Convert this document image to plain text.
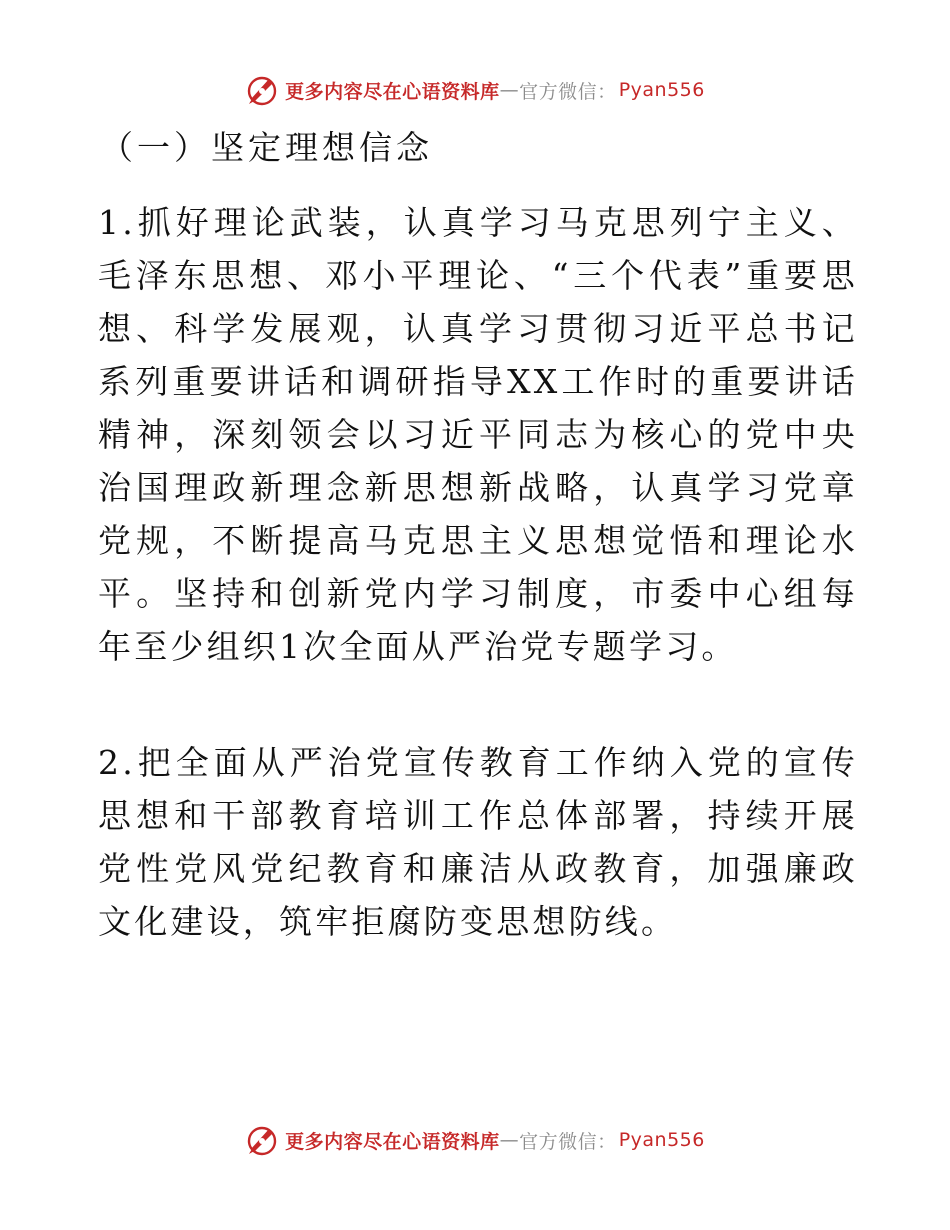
更多内容尽在心语资料库 — 官方微信： Pyan556
（一）坚定理想信念

1.抓好理论武装，认真学习马克思列宁主义、毛泽东思想、邓小平理论、“三个代表”重要思想、科学发展观，认真学习贯彻习近平总书记系列重要讲话和调研指导XX工作时的重要讲话精神，深刻领会以习近平同志为核心的党中央治国理政新理念新思想新战略，认真学习党章党规，不断提高马克思主义思想觉悟和理论水平。坚持和创新党内学习制度，市委中心组每年至少组织1次全面从严治党专题学习。

2.把全面从严治党宣传教育工作纳入党的宣传思想和干部教育培训工作总体部署，持续开展党性党风党纪教育和廉洁从政教育，加强廉政文化建设，筑牢拒腐防变思想防线。

更多内容尽在心语资料库 — 官方微信： Pyan556
